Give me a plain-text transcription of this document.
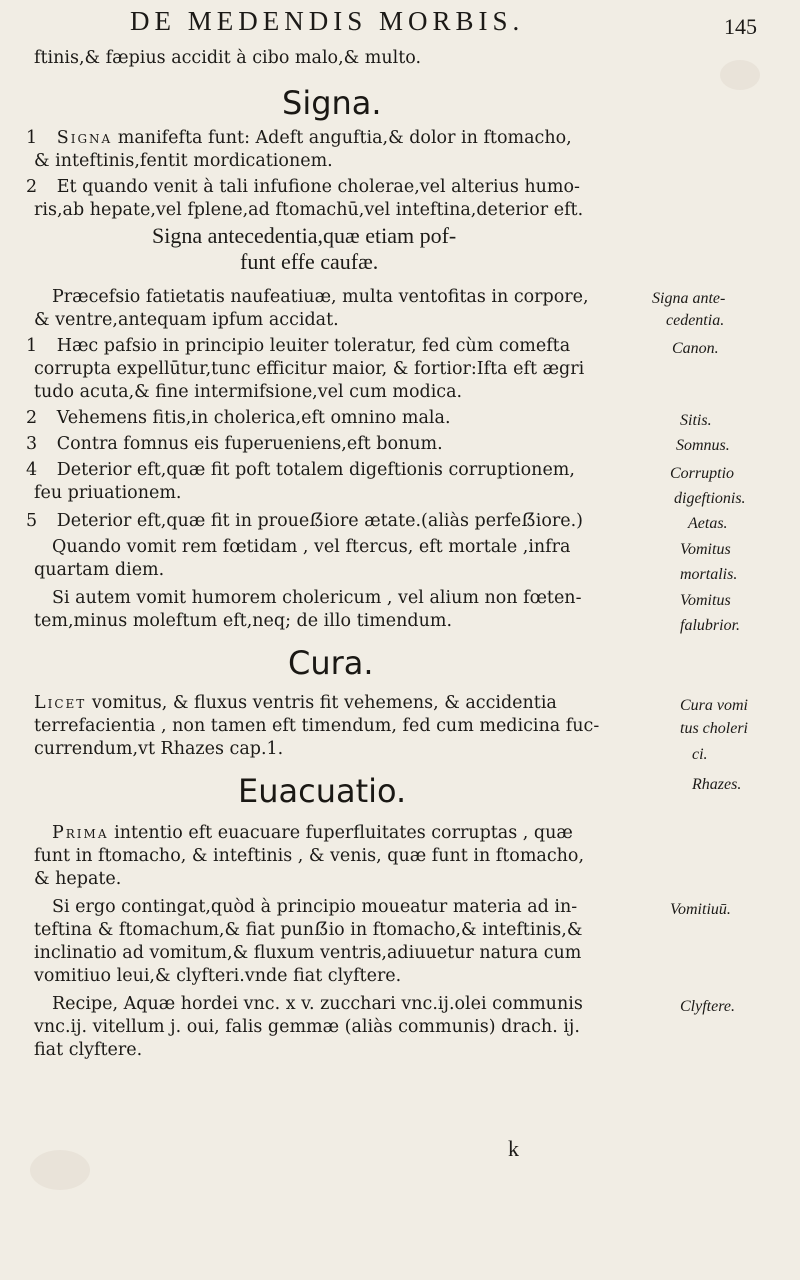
DE MEDENDIS MORBIS.	145
ftinis,& fæpius accidit à cibo malo,& multo.
Signa.
1 Signa manifefta funt: Adeft anguftia,& dolor in ftomacho,
& inteftinis,fentit mordicationem.
2 Et quando venit à tali infufione cholerae,vel alterius humo-
ris,ab hepate,vel fplene,ad ftomachū,vel inteftina,deterior eft.
Signa antecedentia,quæ etiam pof-
funt effe caufæ.
Præcefsio fatietatis naufeatiuæ, multa ventofitas in corpore,
& ventre,antequam ipfum accidat.
1 Hæc pafsio in principio leuiter toleratur, fed cùm comefta
corrupta expellūtur,tunc efficitur maior, & fortior:Ifta eft ægri
tudo acuta,& fine intermifsione,vel cum modica.
2 Vehemens fitis,in cholerica,eft omnino mala.
3 Contra fomnus eis fuperueniens,eft bonum.
4 Deterior eft,quæ fit poft totalem digeftionis corruptionem,
feu priuationem.
5 Deterior eft,quæ fit in proueẞiore ætate.(aliàs perfeẞiore.)
Quando vomit rem fœtidam , vel ftercus, eft mortale ,infra
quartam diem.
Si autem vomit humorem cholericum , vel alium non fœten-
tem,minus moleftum eft,neq; de illo timendum.
Cura.
Licet vomitus, & fluxus ventris fit vehemens, & accidentia
terrefacientia , non tamen eft timendum, fed cum medicina fuc-
currendum,vt Rhazes cap.1.
Euacuatio.
Prima intentio eft euacuare fuperfluitates corruptas , quæ
funt in ftomacho, & inteftinis , & venis, quæ funt in ftomacho,
& hepate.
Si ergo contingat,quòd à principio moueatur materia ad in-
teftina & ftomachum,& fiat punẞio in ftomacho,& inteftinis,&
inclinatio ad vomitum,& fluxum ventris,adiuuetur natura cum
vomitiuo leui,& clyfteri.vnde fiat clyftere.
Recipe, Aquæ hordei vnc. x v. zucchari vnc.ij.olei communis
vnc.ij. vitellum j. oui, falis gemmæ (aliàs communis) drach. ij.
fiat clyftere.
Signa ante-
cedentia.
Canon.
Sitis.
Somnus.
Corruptio
digeftionis.
Aetas.
Vomitus
mortalis.
Vomitus
falubrior.
Cura vomi
tus choleri
ci.
Rhazes.
Vomitiuū.
Clyftere.
k
